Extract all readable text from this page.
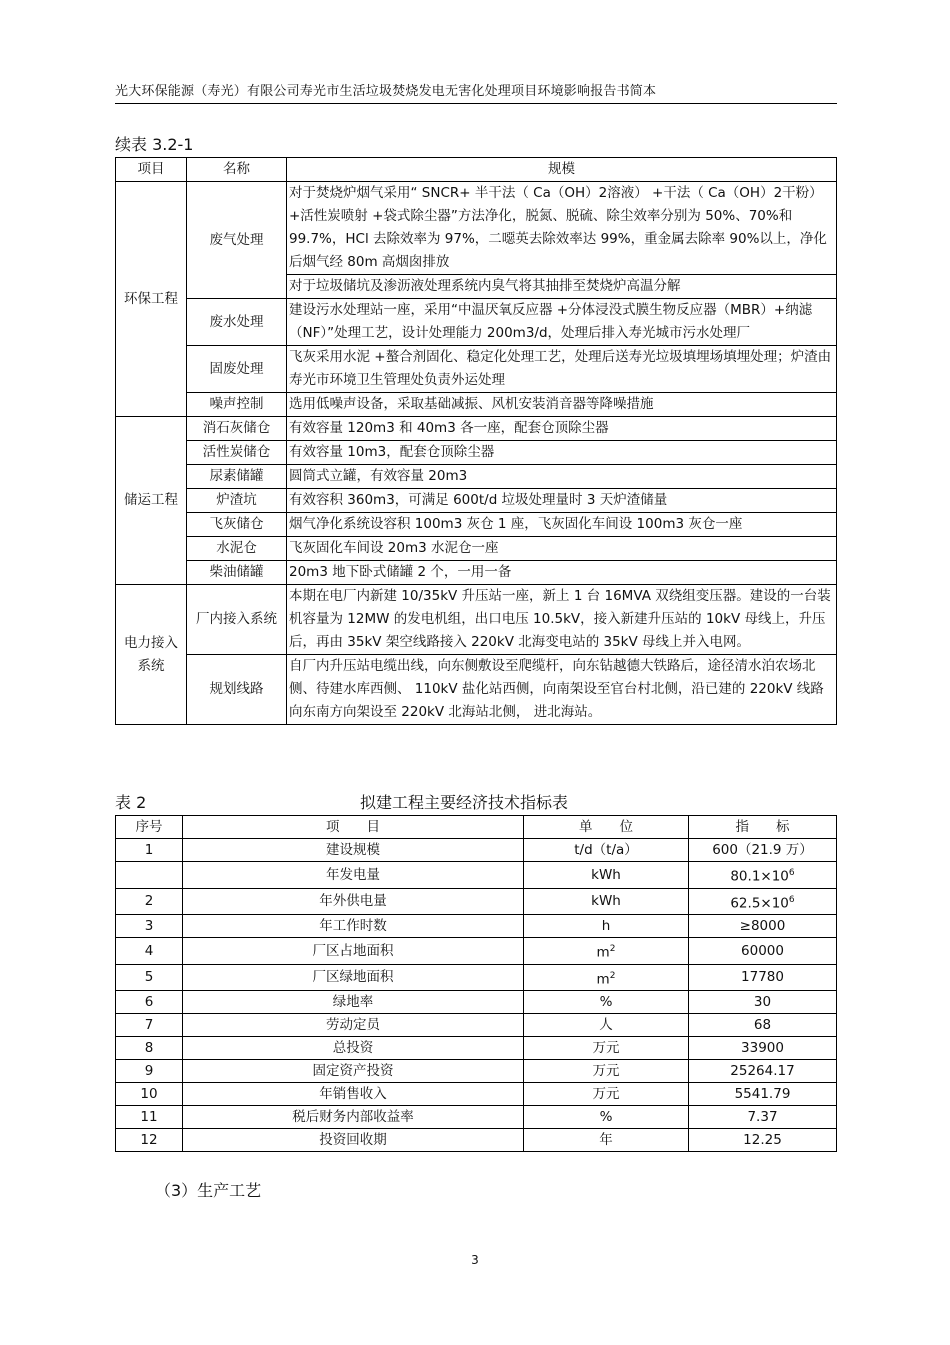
光大环保能源（寿光）有限公司寿光市生活垃圾焚烧发电无害化处理项目环境影响报告书简本
续表 3.2-1
项目	名称	规模
环保工程	废气处理	对于焚烧炉烟气采用“ SNCR+ 半干法（ Ca（OH）2溶液） +干法（ Ca（OH）2干粉） +活性炭喷射 +袋式除尘器”方法净化，脱氮、脱硫、除尘效率分别为 50%、70%和 99.7%，HCl 去除效率为 97%，二噁英去除效率达 99%，重金属去除率 90%以上，净化后烟气经 80m 高烟囱排放
		对于垃圾储坑及渗沥液处理系统内臭气将其抽排至焚烧炉高温分解
	废水处理	建设污水处理站一座，采用“中温厌氧反应器 +分体浸没式膜生物反应器（MBR）+纳滤（NF）”处理工艺，设计处理能力 200m3/d，处理后排入寿光城市污水处理厂
	固废处理	飞灰采用水泥 +螯合剂固化、稳定化处理工艺，处理后送寿光垃圾填埋场填埋处理；炉渣由寿光市环境卫生管理处负责外运处理
	噪声控制	选用低噪声设备，采取基础减振、风机安装消音器等降噪措施
储运工程	消石灰储仓	有效容量 120m3 和 40m3 各一座，配套仓顶除尘器
	活性炭储仓	有效容量 10m3，配套仓顶除尘器
	尿素储罐	圆筒式立罐，有效容量 20m3
	炉渣坑	有效容积 360m3，可满足 600t/d 垃圾处理量时 3 天炉渣储量
	飞灰储仓	烟气净化系统设容积 100m3 灰仓 1 座，飞灰固化车间设 100m3 灰仓一座
	水泥仓	飞灰固化车间设 20m3 水泥仓一座
	柴油储罐	20m3 地下卧式储罐 2 个，一用一备
电力接入系统	厂内接入系统	本期在电厂内新建 10/35kV 升压站一座，新上 1 台 16MVA 双绕组变压器。建设的一台装机容量为 12MW 的发电机组，出口电压 10.5kV，接入新建升压站的 10kV 母线上，升压后，再由 35kV 架空线路接入 220kV 北海变电站的 35kV 母线上并入电网。
	规划线路	自厂内升压站电缆出线，向东侧敷设至爬缆杆，向东钻越德大铁路后，途径清水泊农场北侧、待建水库西侧、 110kV 盐化站西侧，向南架设至官台村北侧，沿已建的 220kV 线路向东南方向架设至 220kV 北海站北侧， 进北海站。
表 2	拟建工程主要经济技术指标表
序号	项　　目	单　　位	指　　标
1	建设规模	t/d（t/a）	600（21.9 万）
	年发电量	kWh	$80.1\times 10^6$
2	年外供电量	kWh	$62.5\times 10^6$
3	年工作时数	h	≥8000
4	厂区占地面积	$m^2$	60000
5	厂区绿地面积	$m^2$	17780
6	绿地率	%	30
7	劳动定员	人	68
8	总投资	万元	33900
9	固定资产投资	万元	25264.17
10	年销售收入	万元	5541.79
11	税后财务内部收益率	%	7.37
12	投资回收期	年	12.25
（3）生产工艺
3
